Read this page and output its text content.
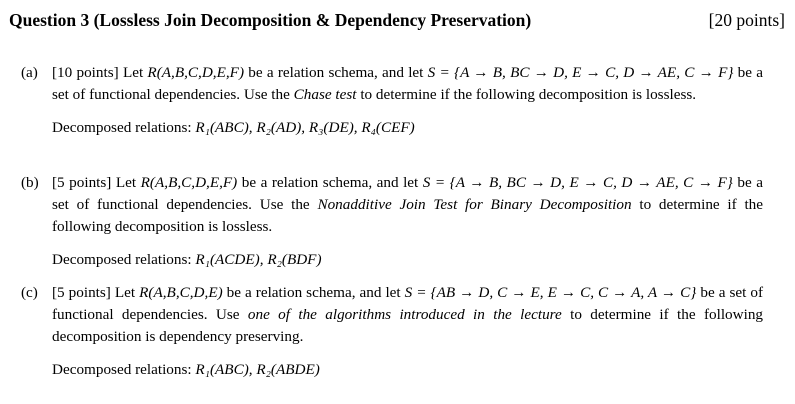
Question 3 (Lossless Join Decomposition & Dependency Preservation)	[20 points]
(a) [10 points] Let R(A,B,C,D,E,F) be a relation schema, and let S = {A → B, BC → D, E → C, D → AE, C → F} be a set of functional dependencies. Use the Chase test to determine if the following decomposition is lossless.
Decomposed relations: R₁(ABC), R₂(AD), R₃(DE), R₄(CEF)
(b) [5 points] Let R(A,B,C,D,E,F) be a relation schema, and let S = {A → B, BC → D, E → C, D → AE, C → F} be a set of functional dependencies. Use the Nonadditive Join Test for Binary Decomposition to determine if the following decomposition is lossless.
Decomposed relations: R₁(ACDE), R₂(BDF)
(c) [5 points] Let R(A,B,C,D,E) be a relation schema, and let S = {AB → D, C → E, E → C, C → A, A → C} be a set of functional dependencies. Use one of the algorithms introduced in the lecture to determine if the following decomposition is dependency preserving.
Decomposed relations: R₁(ABC), R₂(ABDE)
